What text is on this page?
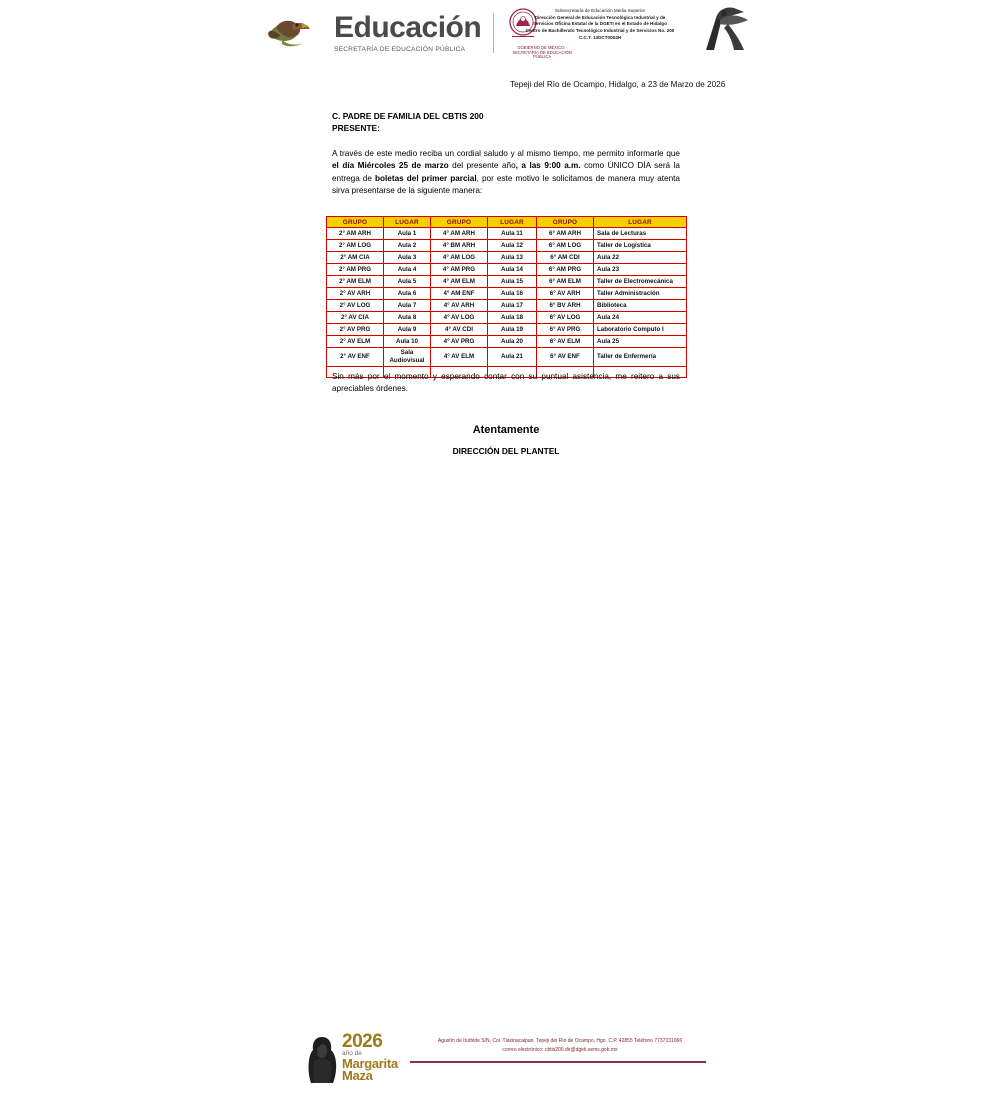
Educación
SECRETARÍA DE EDUCACIÓN PÚBLICA	GOBIERNO DE MÉXICO · SECRETARÍA DE EDUCACIÓN PÚBLICA
Subsecretaría de Educación Media Superior
Dirección General de Educación Tecnológica Industrial y de
Servicios Oficina Estatal de la DGETI en el Estado de Hidalgo
Centro de Bachillerato Tecnológico Industrial y de Servicios No. 200
C.C.T. 13DCT0004H
Tepeji del Río de Ocampo, Hidalgo, a 23 de Marzo de 2026
C. PADRE DE FAMILIA DEL CBTIS 200
PRESENTE:
A través de este medio reciba un cordial saludo y al mismo tiempo, me permito informarle que el día Miércoles 25 de marzo del presente año, a las 9:00 a.m. como ÚNICO DÍA será la entrega de boletas del primer parcial, por este motivo le solicitamos de manera muy atenta sirva presentarse de la siguiente manera:
GRUPO	LUGAR	GRUPO	LUGAR	GRUPO	LUGAR
2° AM ARH	Aula 1	4° AM ARH	Aula 11	6° AM ARH	Sala de Lecturas
2° AM LOG	Aula 2	4° BM ARH	Aula 12	6° AM LOG	Taller de Logística
2° AM CIA	Aula 3	4° AM LOG	Aula 13	6° AM CDI	Aula 22
2° AM PRG	Aula 4	4° AM PRG	Aula 14	6° AM PRG	Aula 23
2° AM ELM	Aula 5	4° AM ELM	Aula 15	6° AM ELM	Taller de Electromecánica
2° AV ARH	Aula 6	4° AM ENF	Aula 16	6° AV ARH	Taller Administración
2° AV LOG	Aula 7	4° AV ARH	Aula 17	6° BV ARH	Biblioteca
2° AV CIA	Aula 8	4° AV LOG	Aula 18	6° AV LOG	Aula 24
2° AV PRG	Aula 9	4° AV CDI	Aula 19	6° AV PRG	Laboratorio Computo I
2° AV ELM	Aula 10	4° AV PRG	Aula 20	6° AV ELM	Aula 25
2° AV ENF	Sala Audiovisual	4° AV ELM	Aula 21	6° AV ENF	Taller de Enfermería

Sin más por el momento y esperando contar con su puntual asistencia, me reitero a sus apreciables órdenes.
Atentamente
DIRECCIÓN DEL PLANTEL
2026
año de
Margarita
Maza
Agustín de Iturbide S/N, Col. Tlaxinacalpan, Tepeji del Río de Ocampo, Hgo. C.P. 42855 Teléfono 7737331066
correo electrónico: cbtis200.dir@dgeti.sems.gob.mx
